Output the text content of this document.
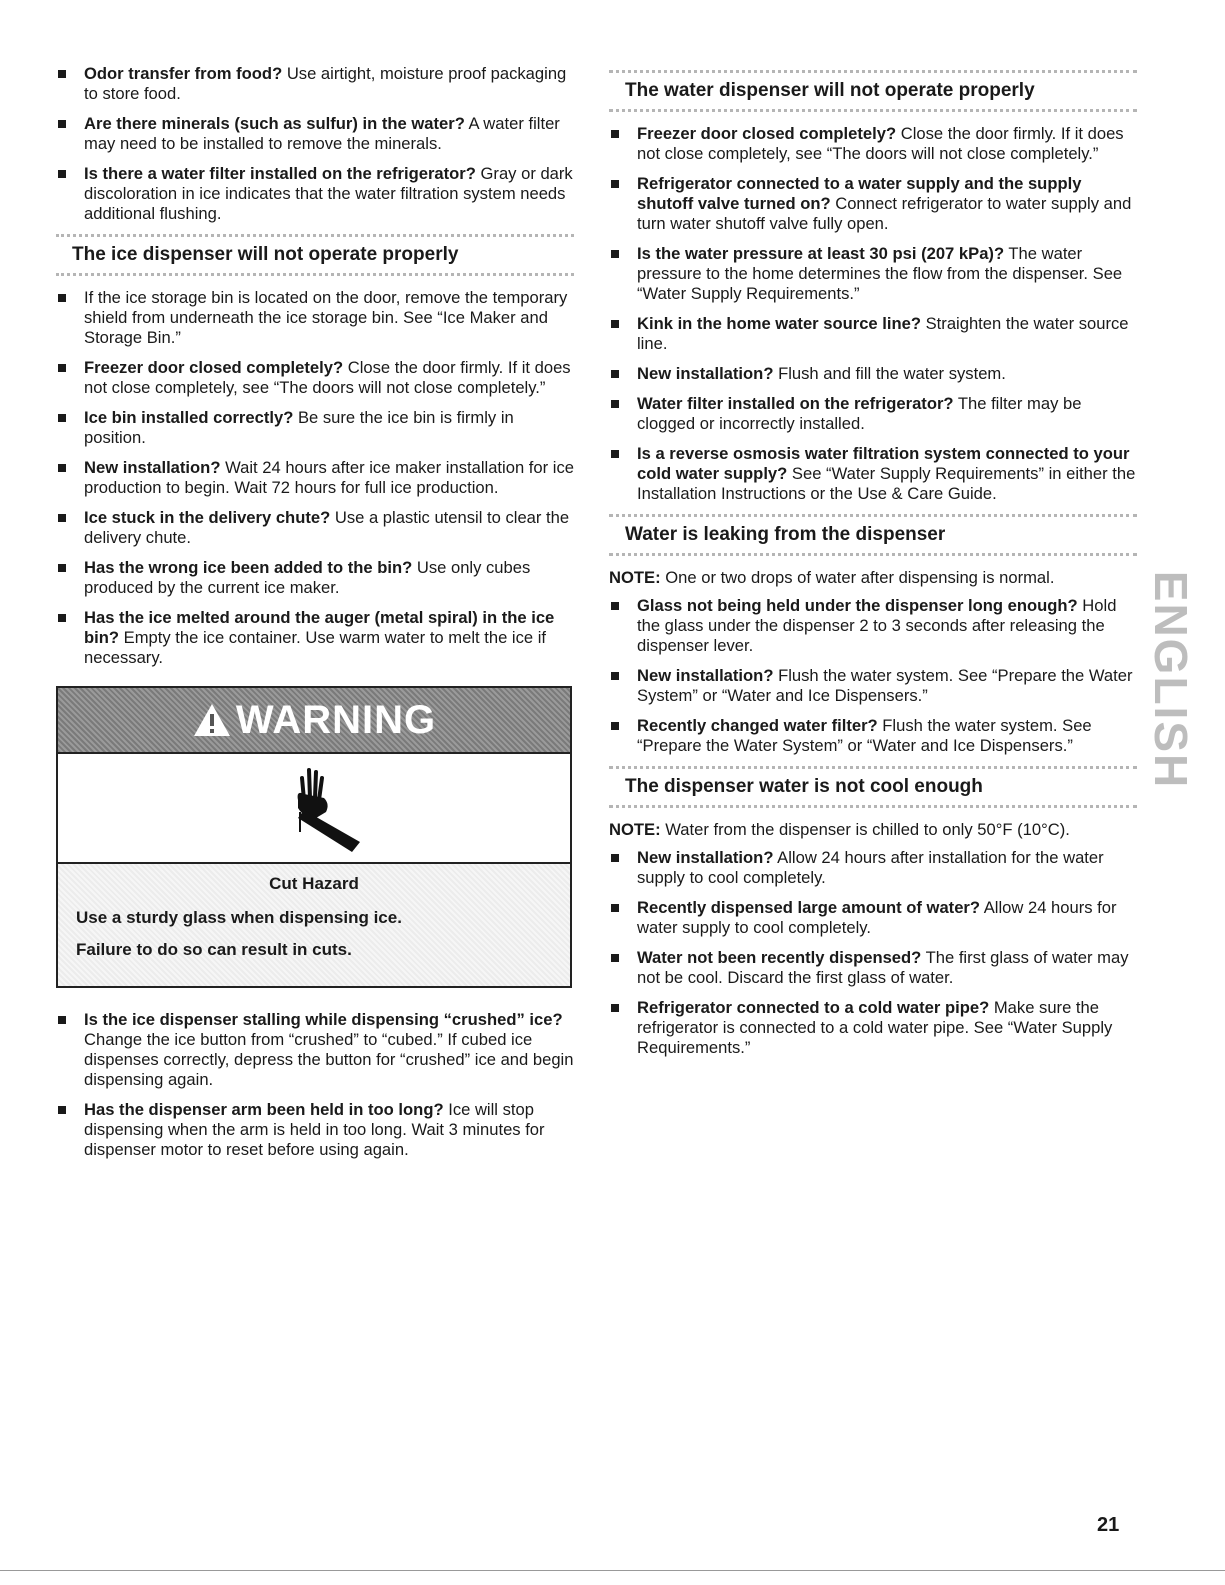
Odor transfer from food? Use airtight, moisture proof packaging to store food.
Are there minerals (such as sulfur) in the water? A water filter may need to be installed to remove the minerals.
Is there a water filter installed on the refrigerator? Gray or dark discoloration in ice indicates that the water filtration system needs additional flushing.
The ice dispenser will not operate properly
If the ice storage bin is located on the door, remove the temporary shield from underneath the ice storage bin. See “Ice Maker and Storage Bin.”
Freezer door closed completely? Close the door firmly. If it does not close completely, see “The doors will not close completely.”
Ice bin installed correctly? Be sure the ice bin is firmly in position.
New installation? Wait 24 hours after ice maker installation for ice production to begin. Wait 72 hours for full ice production.
Ice stuck in the delivery chute? Use a plastic utensil to clear the delivery chute.
Has the wrong ice been added to the bin? Use only cubes produced by the current ice maker.
Has the ice melted around the auger (metal spiral) in the ice bin? Empty the ice container. Use warm water to melt the ice if necessary.
WARNING
Cut Hazard
Use a sturdy glass when dispensing ice.
Failure to do so can result in cuts.
Is the ice dispenser stalling while dispensing “crushed” ice? Change the ice button from “crushed” to “cubed.” If cubed ice dispenses correctly, depress the button for “crushed” ice and begin dispensing again.
Has the dispenser arm been held in too long? Ice will stop dispensing when the arm is held in too long. Wait 3 minutes for dispenser motor to reset before using again.
The water dispenser will not operate properly
Freezer door closed completely? Close the door firmly. If it does not close completely, see “The doors will not close completely.”
Refrigerator connected to a water supply and the supply shutoff valve turned on? Connect refrigerator to water supply and turn water shutoff valve fully open.
Is the water pressure at least 30 psi (207 kPa)? The water pressure to the home determines the flow from the dispenser. See “Water Supply Requirements.”
Kink in the home water source line? Straighten the water source line.
New installation? Flush and fill the water system.
Water filter installed on the refrigerator? The filter may be clogged or incorrectly installed.
Is a reverse osmosis water filtration system connected to your cold water supply? See “Water Supply Requirements” in either the Installation Instructions or the Use & Care Guide.
Water is leaking from the dispenser
NOTE: One or two drops of water after dispensing is normal.
Glass not being held under the dispenser long enough? Hold the glass under the dispenser 2 to 3 seconds after releasing the dispenser lever.
New installation? Flush the water system. See “Prepare the Water System” or “Water and Ice Dispensers.”
Recently changed water filter? Flush the water system. See “Prepare the Water System” or “Water and Ice Dispensers.”
The dispenser water is not cool enough
NOTE: Water from the dispenser is chilled to only 50°F (10°C).
New installation? Allow 24 hours after installation for the water supply to cool completely.
Recently dispensed large amount of water? Allow 24 hours for water supply to cool completely.
Water not been recently dispensed? The first glass of water may not be cool. Discard the first glass of water.
Refrigerator connected to a cold water pipe? Make sure the refrigerator is connected to a cold water pipe. See “Water Supply Requirements.”
ENGLISH
21
